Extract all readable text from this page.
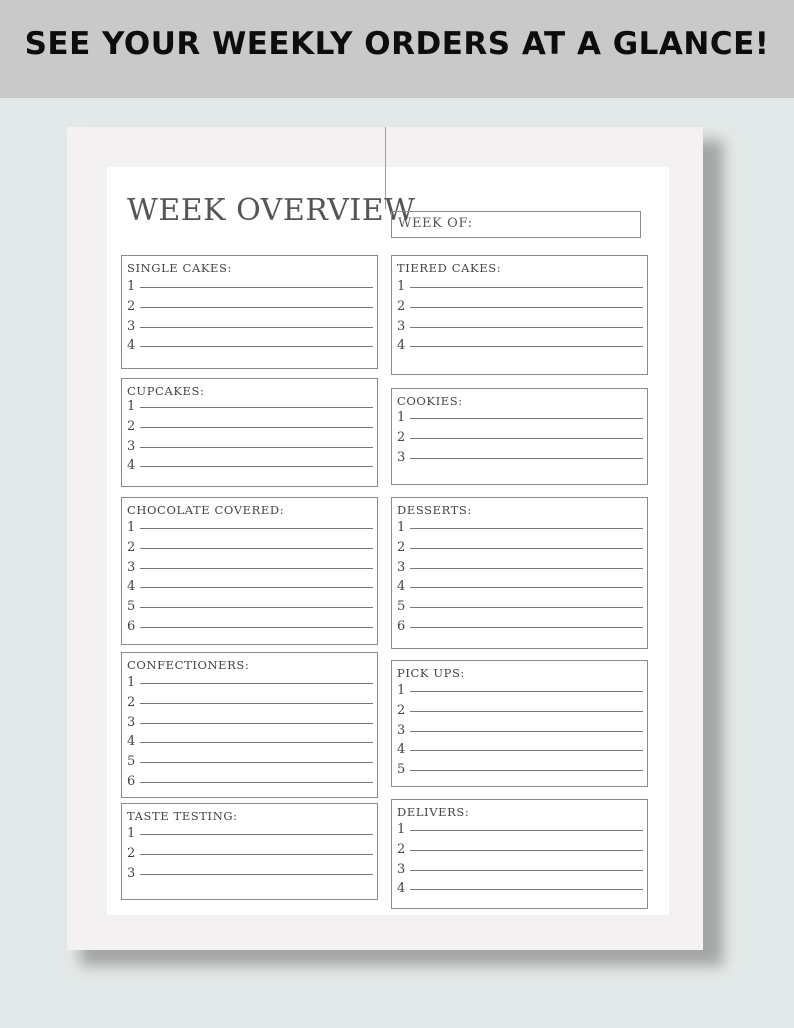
SEE YOUR WEEKLY ORDERS AT A GLANCE!
WEEK OVERVIEW
WEEK OF:
SINGLE CAKES:
1
2
3
4
CUPCAKES:
1
2
3
4
CHOCOLATE COVERED:
1
2
3
4
5
6
CONFECTIONERS:
1
2
3
4
5
6
TASTE TESTING:
1
2
3
TIERED CAKES:
1
2
3
4
COOKIES:
1
2
3
DESSERTS:
1
2
3
4
5
6
PICK UPS:
1
2
3
4
5
DELIVERS:
1
2
3
4
